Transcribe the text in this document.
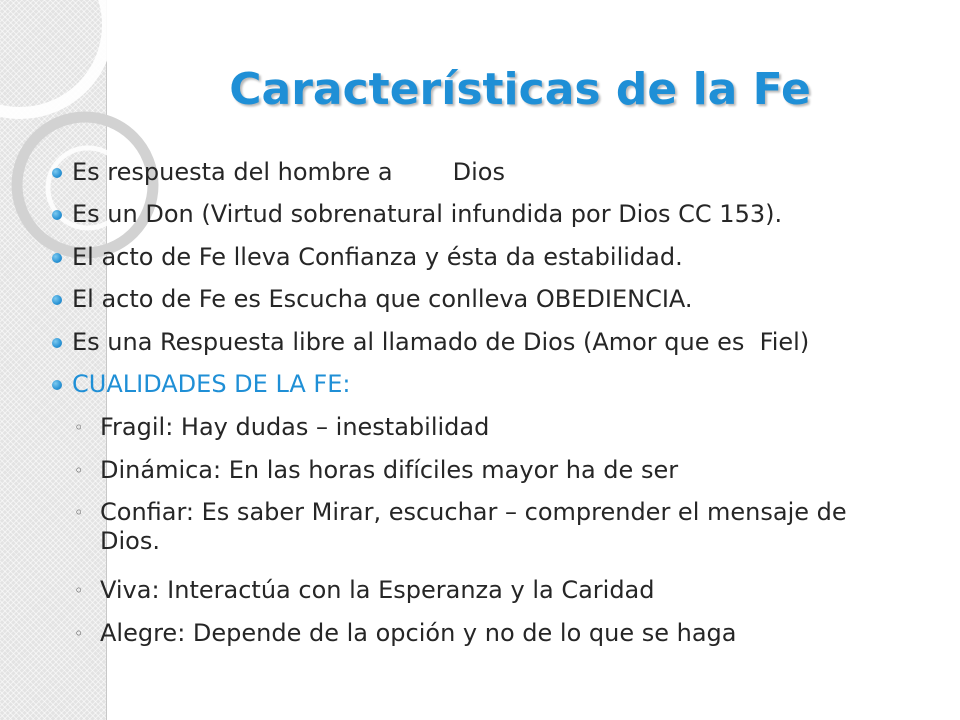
Características de la Fe
Es respuesta del hombre a	Dios
Es un Don (Virtud sobrenatural infundida por Dios CC 153).
El acto de Fe lleva Confianza y ésta da estabilidad.
El acto de Fe es Escucha que conlleva OBEDIENCIA.
Es una Respuesta libre al llamado de Dios (Amor que es  Fiel)
CUALIDADES DE LA FE:
◦ Fragil: Hay dudas – inestabilidad
◦ Dinámica: En las horas difíciles mayor ha de ser
◦ Confiar: Es saber Mirar, escuchar – comprender el mensaje de Dios.
◦ Viva: Interactúa con la Esperanza y la Caridad
◦ Alegre: Depende de la opción y no de lo que se haga
